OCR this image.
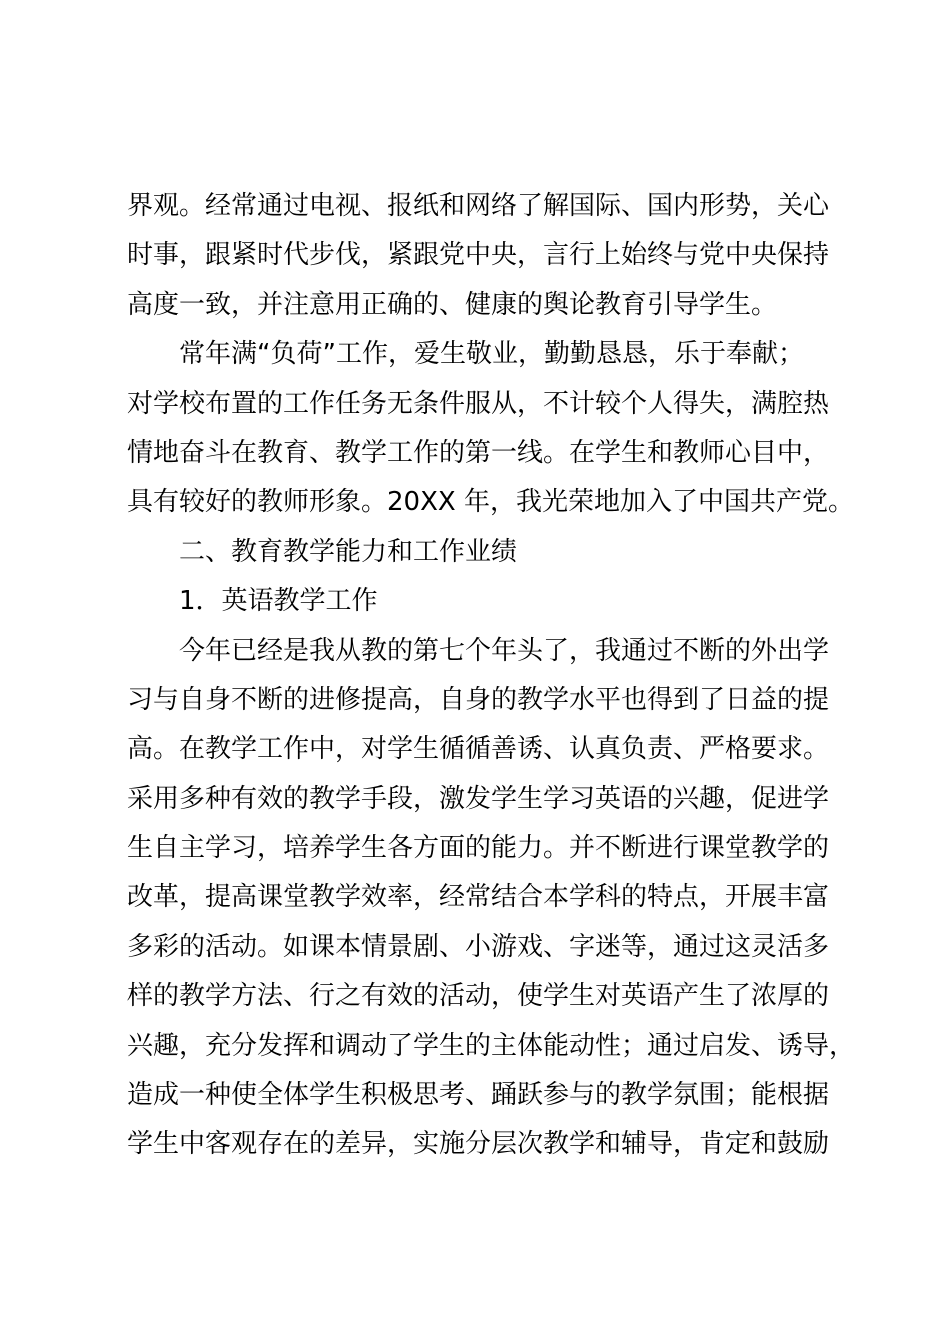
界观。经常通过电视、报纸和网络了解国际、国内形势，关心

时事，跟紧时代步伐，紧跟党中央，言行上始终与党中央保持

高度一致，并注意用正确的、健康的舆论教育引导学生。

常年满“负荷”工作，爱生敬业，勤勤恳恳，乐于奉献；

对学校布置的工作任务无条件服从，不计较个人得失，满腔热

情地奋斗在教育、教学工作的第一线。在学生和教师心目中，

具有较好的教师形象。20XX 年，我光荣地加入了中国共产党。

二、教育教学能力和工作业绩

1．英语教学工作

今年已经是我从教的第七个年头了，我通过不断的外出学

习与自身不断的进修提高，自身的教学水平也得到了日益的提

高。在教学工作中，对学生循循善诱、认真负责、严格要求。

采用多种有效的教学手段，激发学生学习英语的兴趣，促进学

生自主学习，培养学生各方面的能力。并不断进行课堂教学的

改革，提高课堂教学效率，经常结合本学科的特点，开展丰富

多彩的活动。如课本情景剧、小游戏、字迷等，通过这灵活多

样的教学方法、行之有效的活动，使学生对英语产生了浓厚的

兴趣，充分发挥和调动了学生的主体能动性；通过启发、诱导，

造成一种使全体学生积极思考、踊跃参与的教学氛围；能根据

学生中客观存在的差异，实施分层次教学和辅导，肯定和鼓励
